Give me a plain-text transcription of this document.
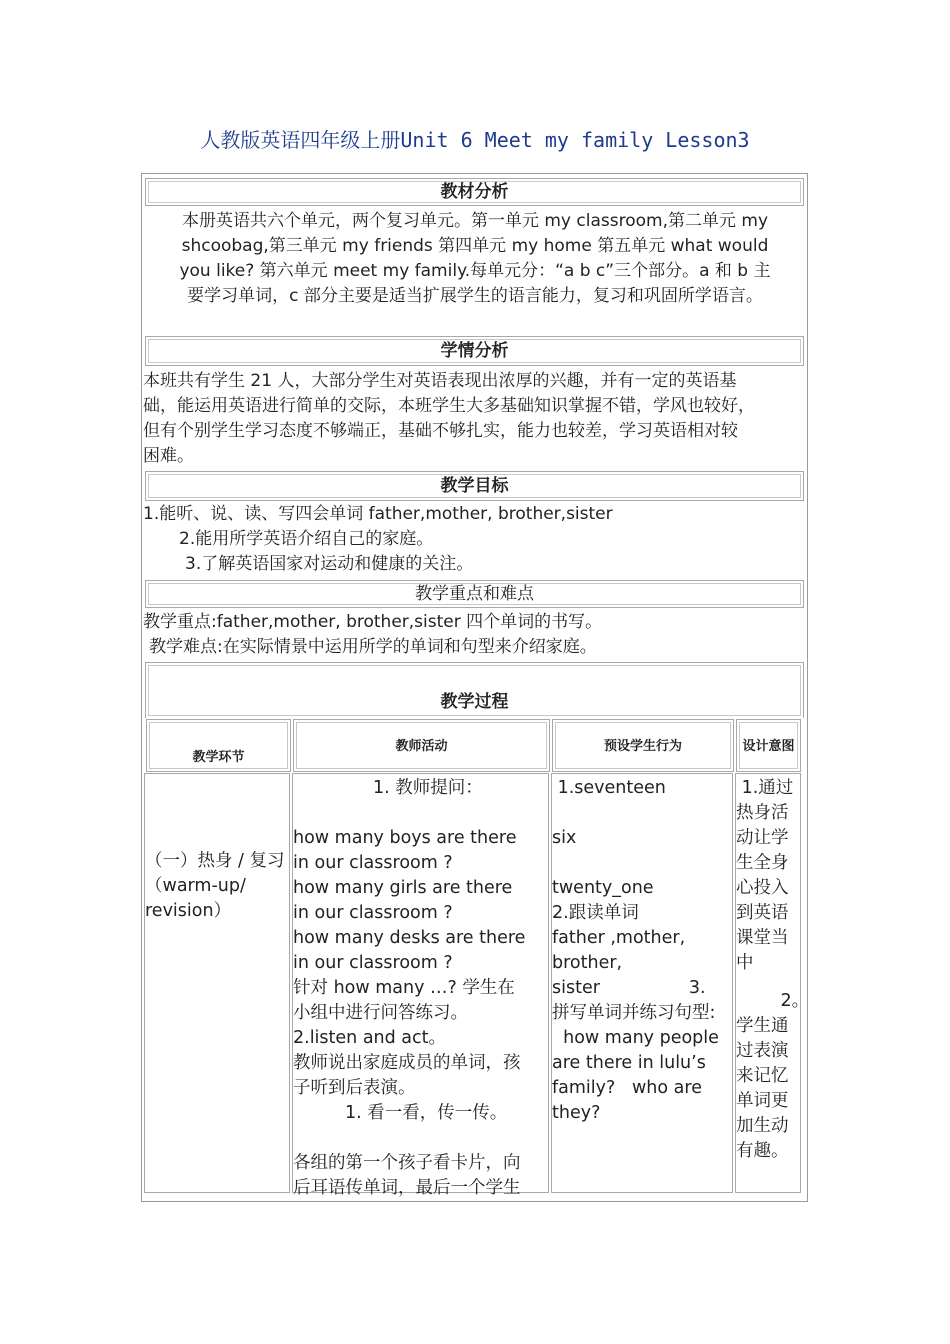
人教版英语四年级上册Unit 6 Meet my family Lesson3
教材分析
本册英语共六个单元，两个复习单元。第一单元 my classroom,第二单元 my
shcoobag,第三单元 my friends 第四单元 my home 第五单元 what would
you like? 第六单元 meet my family.每单元分：“a b c”三个部分。a 和 b 主
要学习单词，c 部分主要是适当扩展学生的语言能力，复习和巩固所学语言。
学情分析
本班共有学生 21 人，大部分学生对英语表现出浓厚的兴趣，并有一定的英语基
础，能运用英语进行简单的交际，本班学生大多基础知识掌握不错，学风也较好，
但有个别学生学习态度不够端正，基础不够扎实，能力也较差，学习英语相对较
困难。
教学目标
1.能听、说、读、写四会单词 father,mother, brother,sister
2.能用所学英语介绍自己的家庭。
3.了解英语国家对运动和健康的关注。
教学重点和难点
教学重点:father,mother, brother,sister 四个单词的书写。
教学难点:在实际情景中运用所学的单词和句型来介绍家庭。
教学过程
教学环节
教师活动	预设学生行为	设计意图
（一）热身 / 复习
（warm-up/
revision）
1. 教师提问：

how many boys are there
in our classroom ?
how many girls are there
in our classroom ?
how many desks are there
in our classroom ?
针对 how many …? 学生在
小组中进行问答练习。
2.listen and act。
教师说出家庭成员的单词，孩
子听到后表演。
1. 看一看，传一传。

各组的第一个孩子看卡片，向
后耳语传单词，最后一个学生
1.seventeen

six

twenty_one
2.跟读单词
father ,mother,
brother,
sister                3.
拼写单词并练习句型:
how many people
are there in lulu’s
family?   who are
they?
1.通过
热身活
动让学
生全身
心投入
到英语
课堂当
中
2。
学生通
过表演
来记忆
单词更
加生动
有趣。
